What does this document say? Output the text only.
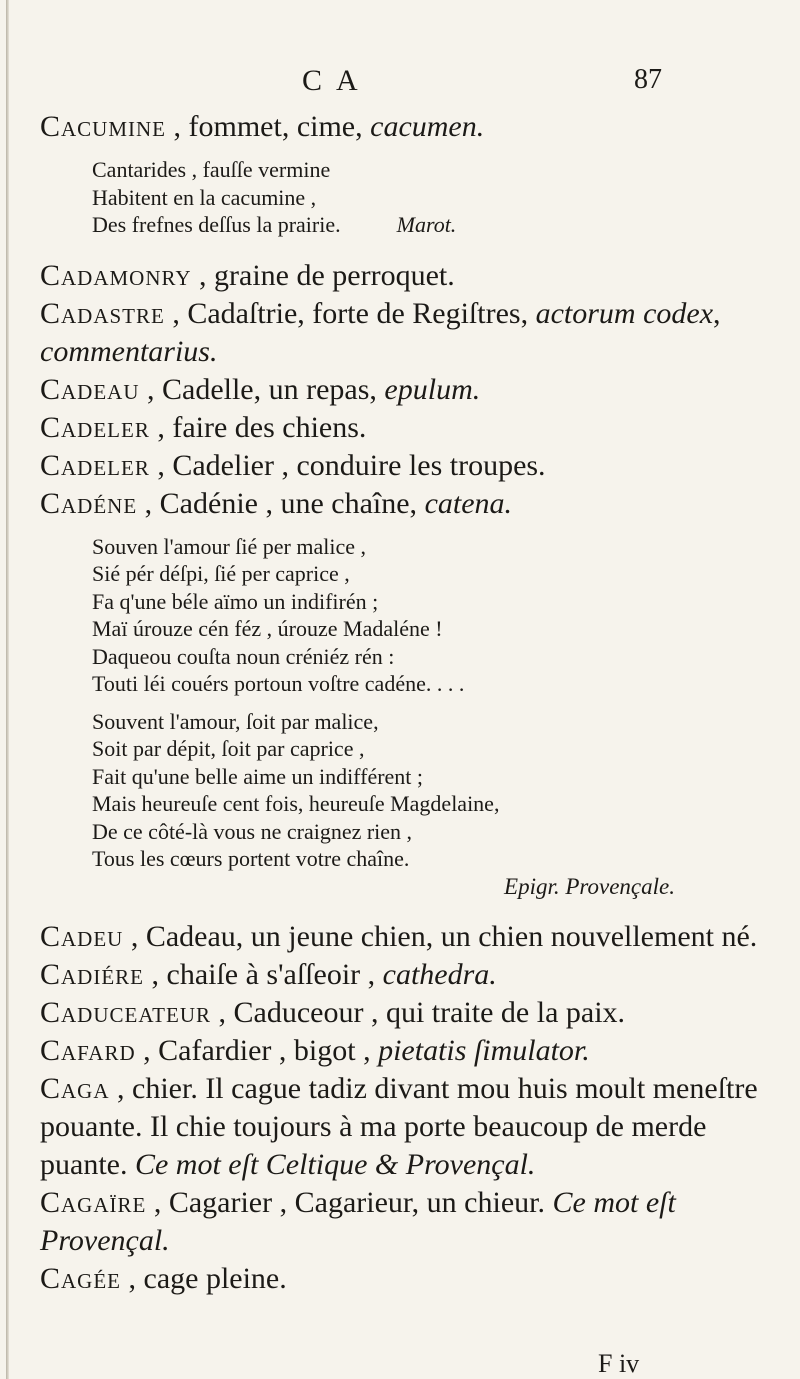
CA	87

Cacumine , fommet, cime, cacumen.

Cantarides , fauſſe vermine
Habitent en la cacumine ,
Des frefnes deſſus la prairie.	Marot.

Cadamonry , graine de perroquet.

Cadastre , Cadaſtrie, forte de Regiſtres, actorum codex, commentarius.

Cadeau , Cadelle, un repas, epulum.

Cadeler , faire des chiens.

Cadeler , Cadelier , conduire les troupes.

Cadéne , Cadénie , une chaîne, catena.

Souven l'amour ſié per malice ,
Sié pér déſpi, ſié per caprice ,
Fa q'une béle aïmo un indifirén ;
Maï úrouze cén féz , úrouze Madaléne !
Daqueou couſta noun créniéz rén :
Touti léi couérs portoun voſtre cadéne. . . .
Souvent l'amour, ſoit par malice,
Soit par dépit, ſoit par caprice ,
Fait qu'une belle aime un indifférent ;
Mais heureuſe cent fois, heureuſe Magdelaine,
De ce côté-là vous ne craignez rien ,
Tous les cœurs portent votre chaîne.
Epigr. Provençale.

Cadeu , Cadeau, un jeune chien, un chien nouvellement né.

Cadiére , chaiſe à s'aſſeoir , cathedra.

Caduceateur , Caduceour , qui traite de la paix.

Cafard , Cafardier , bigot , pietatis ſimulator.

Caga , chier. Il cague tadiz divant mou huis moult meneſtre pouante. Il chie toujours à ma porte beaucoup de merde puante. Ce mot eſt Celtique & Provençal.

Cagaïre , Cagarier , Cagarieur, un chieur. Ce mot eſt Provençal.

Cagée , cage pleine.

F iv
